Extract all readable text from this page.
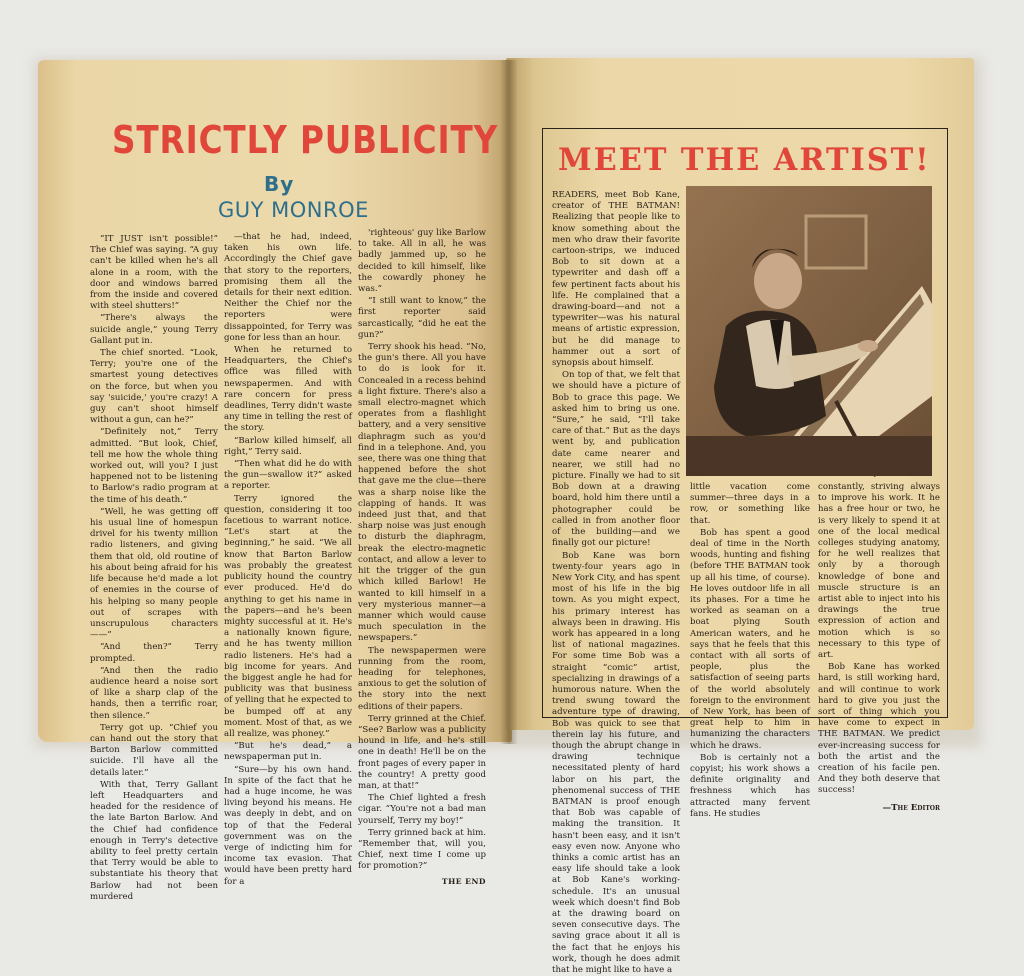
STRICTLY PUBLICITY
By
GUY MONROE

“IT JUST isn't possible!” The Chief was saying. “A guy can't be killed when he's all alone in a room, with the door and windows barred from the inside and covered with steel shutters!”

“There's always the suicide angle,” young Terry Gallant put in.

The chief snorted. “Look, Terry; you're one of the smartest young detectives on the force, but when you say 'suicide,' you're crazy! A guy can't shoot himself without a gun, can he?”

“Definitely not,” Terry admitted. “But look, Chief, tell me how the whole thing worked out, will you? I just happened not to be listening to Barlow's radio program at the time of his death.”

“Well, he was getting off his usual line of homespun drivel for his twenty million radio listeners, and giving them that old, old routine of his about being afraid for his life because he'd made a lot of enemies in the course of his helping so many people out of scrapes with unscrupulous characters——”

“And then?” Terry prompted.

“And then the radio audience heard a noise sort of like a sharp clap of the hands, then a terrific roar, then silence.”

Terry got up. “Chief you can hand out the story that Barton Barlow committed suicide. I'll have all the details later.”

With that, Terry Gallant left Headquarters and headed for the residence of the late Barton Barlow. And the Chief had confidence enough in Terry's detective ability to feel pretty certain that Terry would be able to substantiate his theory that Barlow had not been murdered

—that he had, indeed, taken his own life. Accordingly the Chief gave that story to the reporters, promising them all the details for their next edition. Neither the Chief nor the reporters were dissappointed, for Terry was gone for less than an hour.

When he returned to Headquarters, the Chief's office was filled with newspapermen. And with rare concern for press deadlines, Terry didn't waste any time in telling the rest of the story.

“Barlow killed himself, all right,” Terry said.

“Then what did he do with the gun—swallow it?” asked a reporter.

Terry ignored the question, considering it too facetious to warrant notice. “Let's start at the beginning,” he said. “We all know that Barton Barlow was probably the greatest publicity hound the country ever produced. He'd do anything to get his name in the papers—and he's been mighty successful at it. He's a nationally known figure, and he has twenty million radio listeners. He's had a big income for years. And the biggest angle he had for publicity was that business of yelling that he expected to be bumped off at any moment. Most of that, as we all realize, was phoney.”

“But he's dead,” a newspaperman put in.

“Sure—by his own hand. In spite of the fact that he had a huge income, he was living beyond his means. He was deeply in debt, and on top of that the Federal government was on the verge of indicting him for income tax evasion. That would have been pretty hard for a

'righteous' guy like Barlow to take. All in all, he was badly jammed up, so he decided to kill himself, like the cowardly phoney he was.”

“I still want to know,” the first reporter said sarcastically, “did he eat the gun?”

Terry shook his head. “No, the gun's there. All you have to do is look for it. Concealed in a recess behind a light fixture. There's also a small electro-magnet which operates from a flashlight battery, and a very sensitive diaphragm such as you'd find in a telephone. And, you see, there was one thing that happened before the shot that gave me the clue—there was a sharp noise like the clapping of hands. It was indeed just that, and that sharp noise was just enough to disturb the diaphragm, break the electro-magnetic contact, and allow a lever to hit the trigger of the gun which killed Barlow! He wanted to kill himself in a very mysterious manner—a manner which would cause much speculation in the newspapers.”

The newspapermen were running from the room, heading for telephones, anxious to get the solution of the story into the next editions of their papers.

Terry grinned at the Chief. “See? Barlow was a publicity hound in life, and he's still one in death! He'll be on the front pages of every paper in the country! A pretty good man, at that!”

The Chief lighted a fresh cigar. “You're not a bad man yourself, Terry my boy!”

Terry grinned back at him. “Remember that, will you, Chief, next time I come up for promotion?”

THE END
MEET THE ARTIST!

READERS, meet Bob Kane, creator of THE BATMAN! Realizing that people like to know something about the men who draw their favorite cartoon-strips, we induced Bob to sit down at a typewriter and dash off a few pertinent facts about his life. He complained that a drawing-board—and not a typewriter—was his natural means of artistic expression, but he did manage to hammer out a sort of synopsis about himself.

On top of that, we felt that we should have a picture of Bob to grace this page. We asked him to bring us one. “Sure,” he said, “I'll take care of that.” But as the days went by, and publication date came nearer and nearer, we still had no picture. Finally we had to sit Bob down at a drawing board, hold him there until a photographer could be called in from another floor of the building—and we finally got our picture!

Bob Kane was born twenty-four years ago in New York City, and has spent most of his life in the big town. As you might expect, his primary interest has always been in drawing. His work has appeared in a long list of national magazines. For some time Bob was a straight “comic” artist, specializing in drawings of a humorous nature. When the trend swung toward the adventure type of drawing, Bob was quick to see that therein lay his future, and though the abrupt change in drawing technique necessitated plenty of hard labor on his part, the phenomenal success of THE BATMAN is proof enough that Bob was capable of making the transition. It hasn't been easy, and it isn't easy even now. Anyone who thinks a comic artist has an easy life should take a look at Bob Kane's working-schedule. It's an unusual week which doesn't find Bob at the drawing board on seven consecutive days. The saving grace about it all is the fact that he enjoys his work, though he does admit that he might like to have a

little vacation come summer—three days in a row, or something like that.

Bob has spent a good deal of time in the North woods, hunting and fishing (before THE BATMAN took up all his time, of course). He loves outdoor life in all its phases. For a time he worked as seaman on a boat plying South American waters, and he says that he feels that this contact with all sorts of people, plus the satisfaction of seeing parts of the world absolutely foreign to the environment of New York, has been of great help to him in humanizing the characters which he draws.

Bob is certainly not a copyist; his work shows a definite originality and freshness which has attracted many fervent fans. He studies

constantly, striving always to improve his work. It he has a free hour or two, he is very likely to spend it at one of the local medical colleges studying anatomy, for he well realizes that only by a thorough knowledge of bone and muscle structure is an artist able to inject into his drawings the true expression of action and motion which is so necessary to this type of art.

Bob Kane has worked hard, is still working hard, and will continue to work hard to give you just the sort of thing which you have come to expect in THE BATMAN. We predict ever-increasing success for both the artist and the creation of his facile pen. And they both deserve that success!

—The Editor
